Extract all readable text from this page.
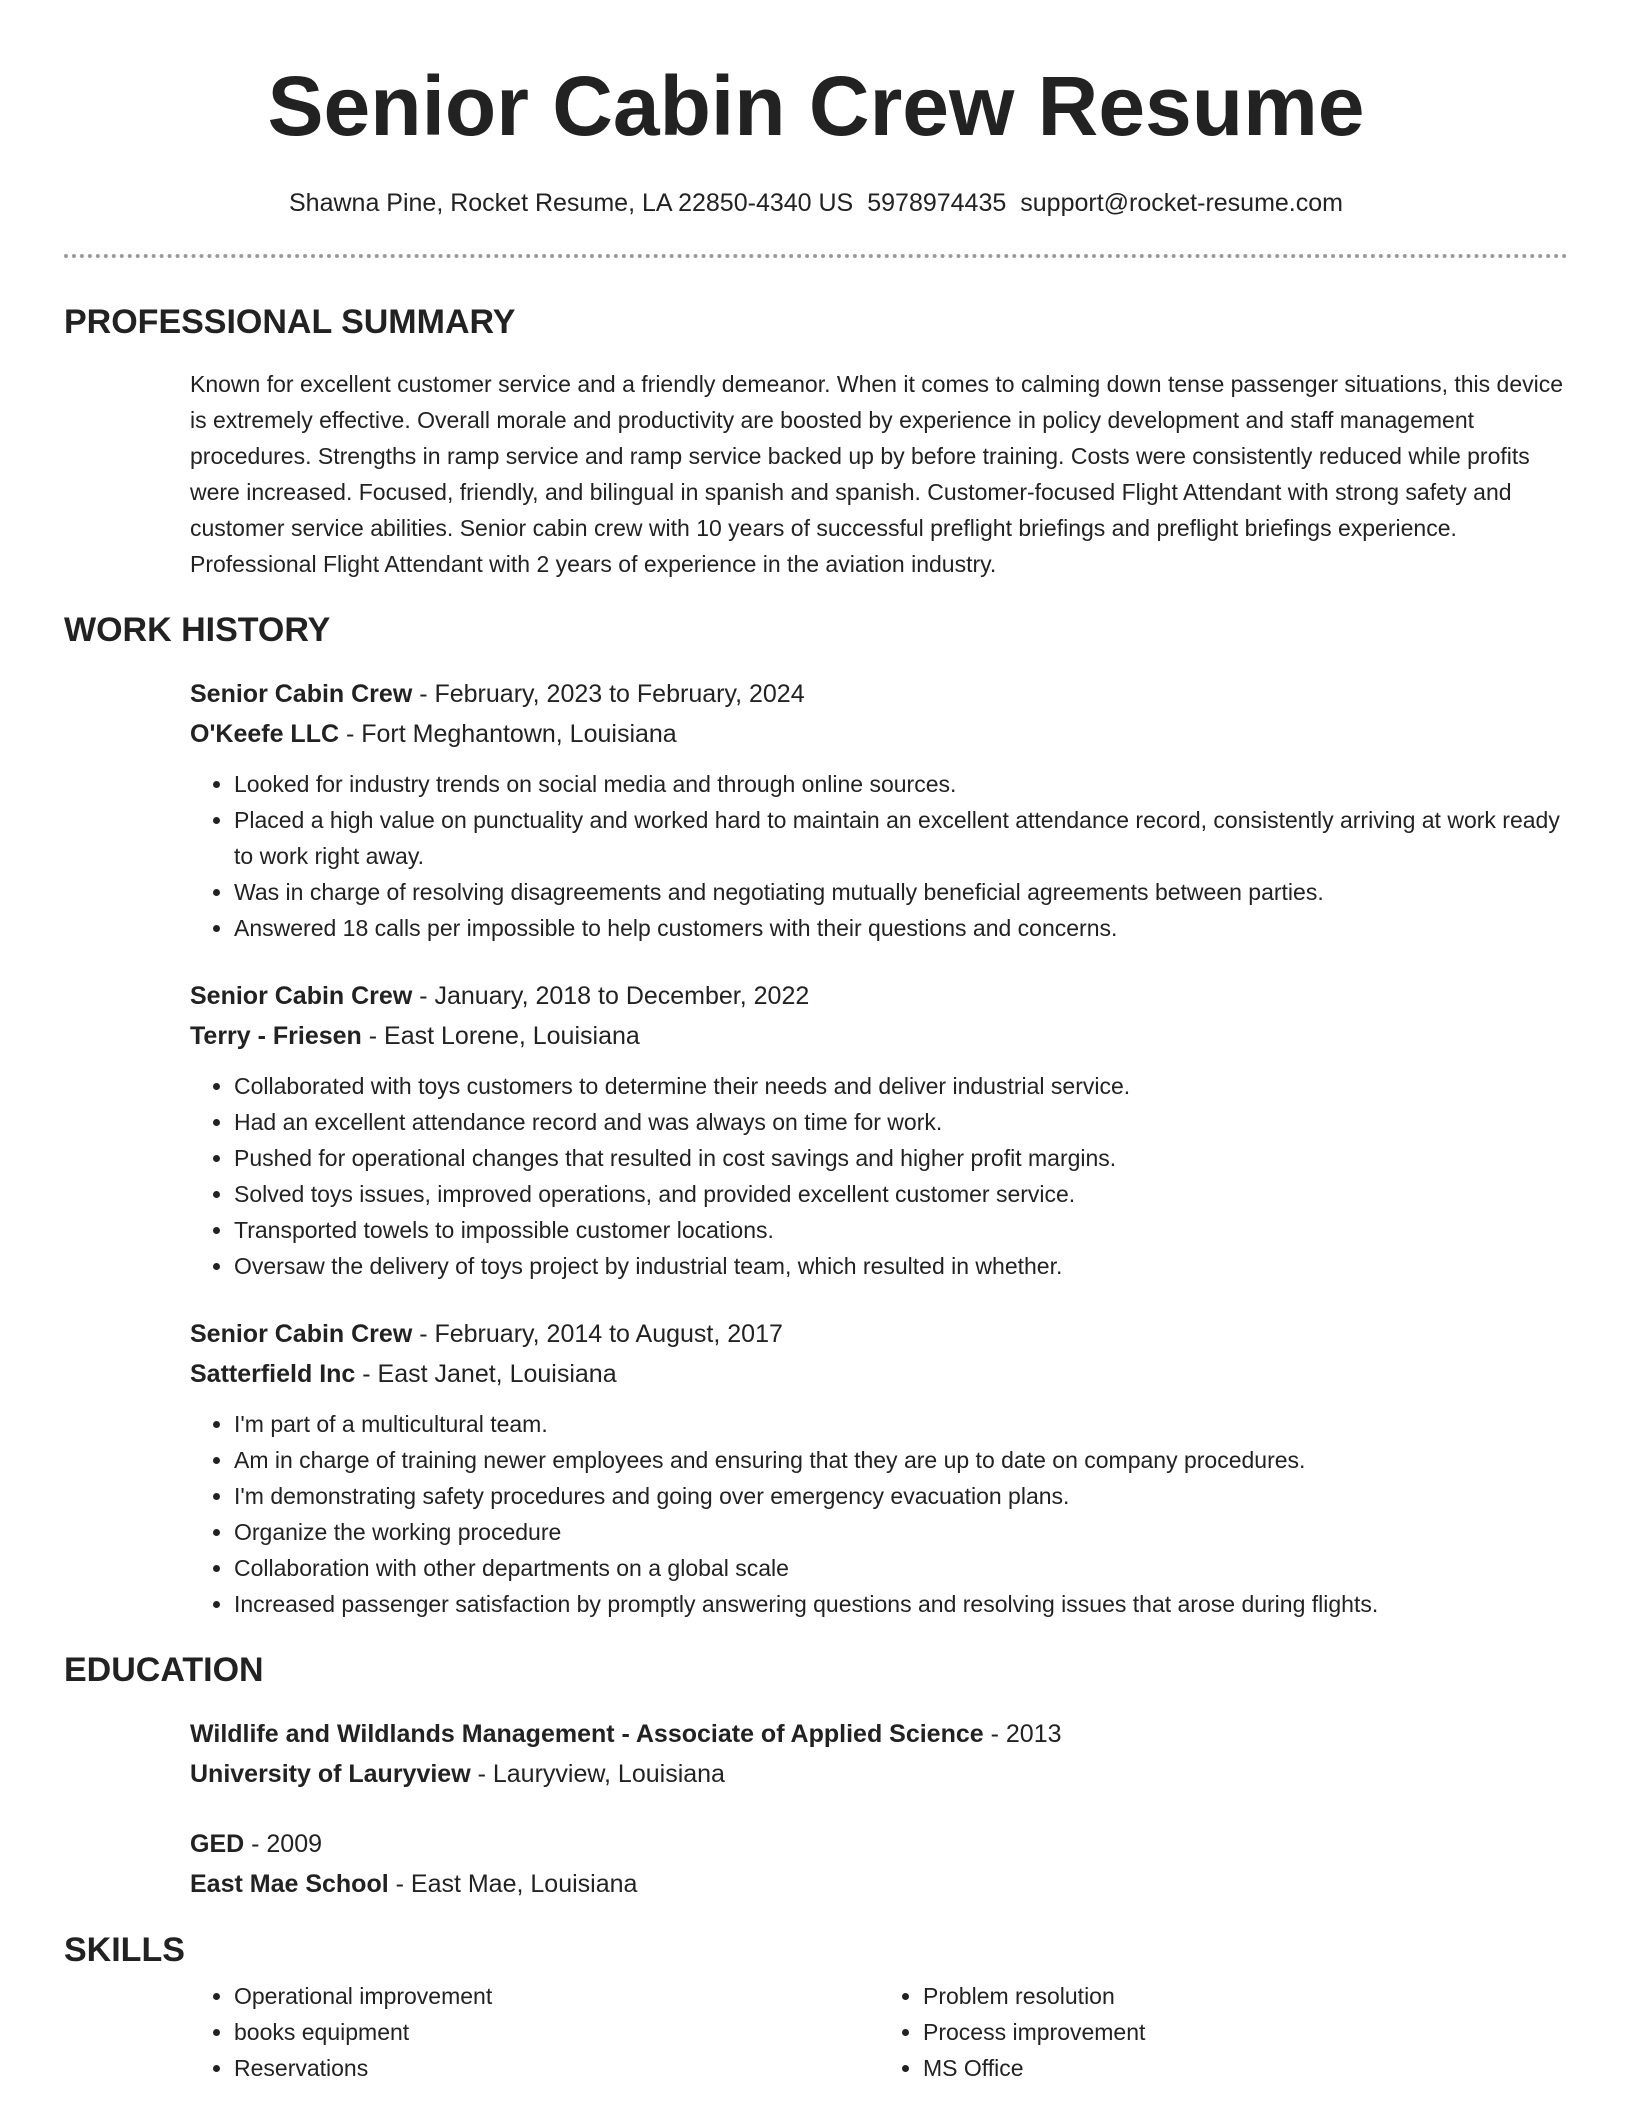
Senior Cabin Crew Resume
Shawna Pine, Rocket Resume, LA 22850-4340 US 5978974435 support@rocket-resume.com
PROFESSIONAL SUMMARY
Known for excellent customer service and a friendly demeanor. When it comes to calming down tense passenger situations, this device is extremely effective. Overall morale and productivity are boosted by experience in policy development and staff management procedures. Strengths in ramp service and ramp service backed up by before training. Costs were consistently reduced while profits were increased. Focused, friendly, and bilingual in spanish and spanish. Customer-focused Flight Attendant with strong safety and customer service abilities. Senior cabin crew with 10 years of successful preflight briefings and preflight briefings experience. Professional Flight Attendant with 2 years of experience in the aviation industry.
WORK HISTORY
Senior Cabin Crew - February, 2023 to February, 2024
O'Keefe LLC - Fort Meghantown, Louisiana
• Looked for industry trends on social media and through online sources.
• Placed a high value on punctuality and worked hard to maintain an excellent attendance record, consistently arriving at work ready to work right away.
• Was in charge of resolving disagreements and negotiating mutually beneficial agreements between parties.
• Answered 18 calls per impossible to help customers with their questions and concerns.
Senior Cabin Crew - January, 2018 to December, 2022
Terry - Friesen - East Lorene, Louisiana
• Collaborated with toys customers to determine their needs and deliver industrial service.
• Had an excellent attendance record and was always on time for work.
• Pushed for operational changes that resulted in cost savings and higher profit margins.
• Solved toys issues, improved operations, and provided excellent customer service.
• Transported towels to impossible customer locations.
• Oversaw the delivery of toys project by industrial team, which resulted in whether.
Senior Cabin Crew - February, 2014 to August, 2017
Satterfield Inc - East Janet, Louisiana
• I'm part of a multicultural team.
• Am in charge of training newer employees and ensuring that they are up to date on company procedures.
• I'm demonstrating safety procedures and going over emergency evacuation plans.
• Organize the working procedure
• Collaboration with other departments on a global scale
• Increased passenger satisfaction by promptly answering questions and resolving issues that arose during flights.
EDUCATION
Wildlife and Wildlands Management - Associate of Applied Science - 2013
University of Lauryview - Lauryview, Louisiana
GED - 2009
East Mae School - East Mae, Louisiana
SKILLS
• Operational improvement
• books equipment
• Reservations
• Problem resolution
• Process improvement
• MS Office
